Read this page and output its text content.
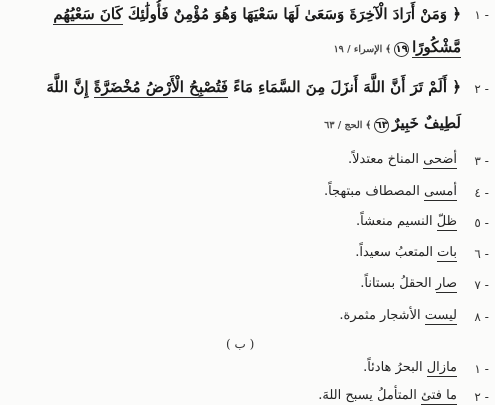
١ -
﴿ وَمَنْ أَرَادَ الْآخِرَةَ وَسَعَىٰ لَهَا سَعْيَهَا وَهُوَ مُؤْمِنٌ فَأُولَٰئِكَ كَانَ سَعْيُهُم
مَّشْكُورًا١٩﴾ الإسراء / ١٩
٢ -
﴿ أَلَمْ تَرَ أَنَّ اللَّهَ أَنزَلَ مِنَ السَّمَاءِ مَاءً فَتُصْبِحُ الْأَرْضُ مُخْضَرَّةً إِنَّ اللَّهَ
لَطِيفٌ خَبِيرٌ٦٣﴾ الحج / ٦٣
٣ -
أضحى المناخ معتدلاً.
٤ -
أمسى المصطاف مبتهجاً.
٥ -
ظلّ النسيم منعشاً.
٦ -
بات المتعبُ سعيداً.
٧ -
صار الحقلُ بستاناً.
٨ -
ليست الأشجار مثمرة.
( ب )
١ -
مازال البحرُ هادئاً.
٢ -
ما فتئ المتأملُ يسبح اللهَ.
